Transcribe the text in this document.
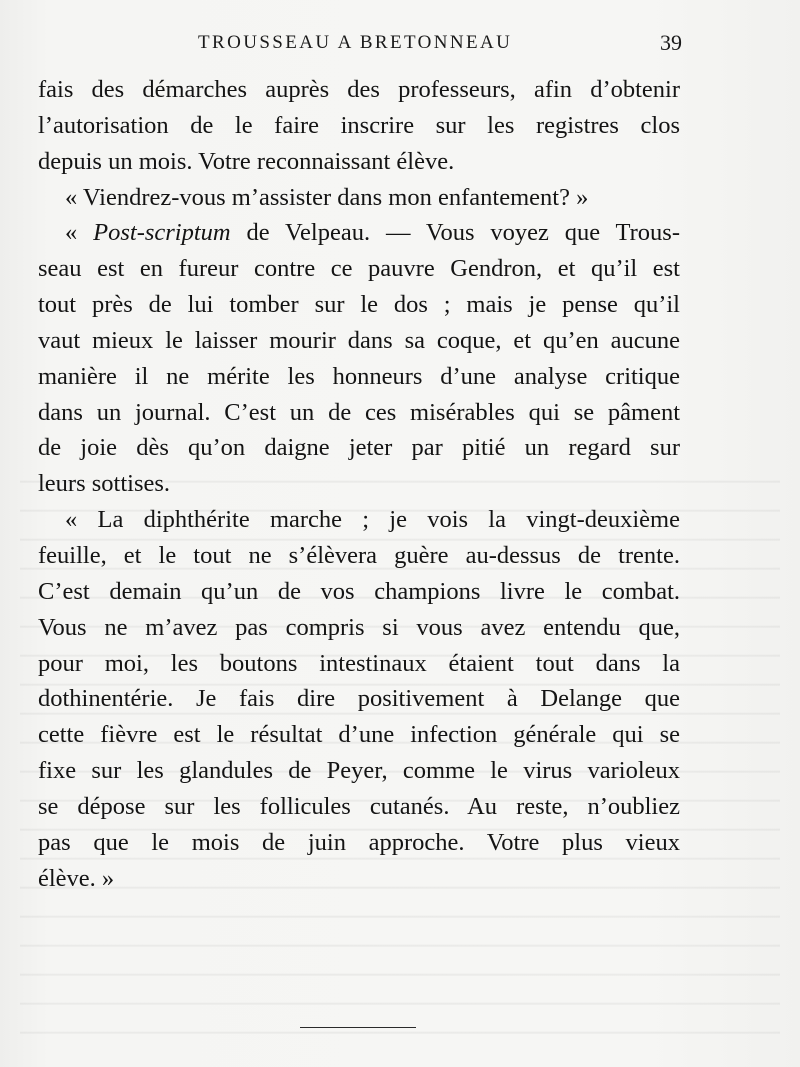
TROUSSEAU A BRETONNEAU	39
fais des démarches auprès des professeurs, afin d’obtenir
l’autorisation de le faire inscrire sur les registres clos
depuis un mois. Votre reconnaissant élève.
« Viendrez-vous m’assister dans mon enfantement? »
« Post-scriptum de Velpeau. — Vous voyez que Trous-
seau est en fureur contre ce pauvre Gendron, et qu’il est
tout près de lui tomber sur le dos ; mais je pense qu’il
vaut mieux le laisser mourir dans sa coque, et qu’en aucune
manière il ne mérite les honneurs d’une analyse critique
dans un journal. C’est un de ces misérables qui se pâment
de joie dès qu’on daigne jeter par pitié un regard sur
leurs sottises.
« La diphthérite marche ; je vois la vingt-deuxième
feuille, et le tout ne s’élèvera guère au-dessus de trente.
C’est demain qu’un de vos champions livre le combat.
Vous ne m’avez pas compris si vous avez entendu que,
pour moi, les boutons intestinaux étaient tout dans la
dothinentérie. Je fais dire positivement à Delange que
cette fièvre est le résultat d’une infection générale qui se
fixe sur les glandules de Peyer, comme le virus varioleux
se dépose sur les follicules cutanés. Au reste, n’oubliez
pas que le mois de juin approche. Votre plus vieux
élève. »
